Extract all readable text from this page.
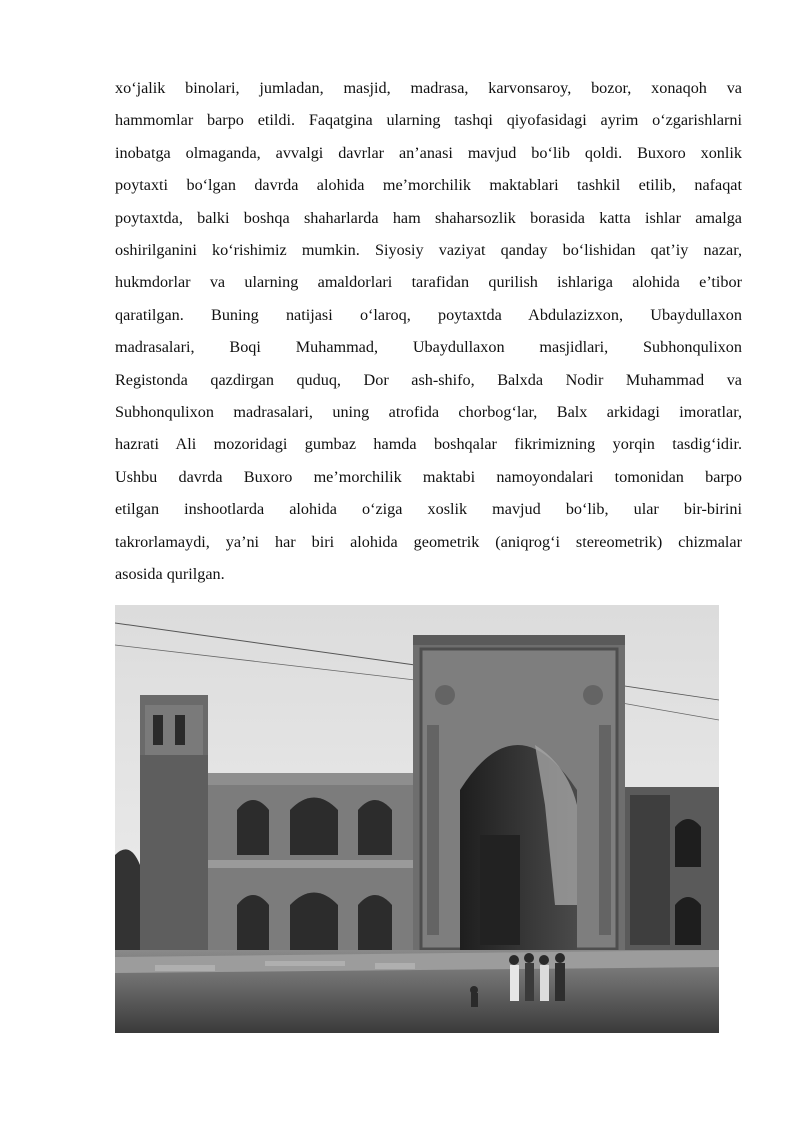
xo‘jalik binolari, jumladan, masjid, madrasa, karvonsaroy, bozor, xonaqoh va
hammomlar barpo etildi. Faqatgina ularning tashqi qiyofasidagi ayrim o‘zgarishlarni
inobatga olmaganda, avvalgi davrlar an’anasi mavjud bo‘lib qoldi. Buxoro xonlik
poytaxti bo‘lgan davrda alohida me’morchilik maktablari tashkil etilib, nafaqat
poytaxtda, balki boshqa shaharlarda ham shaharsozlik borasida katta ishlar amalga
oshirilganini ko‘rishimiz mumkin. Siyosiy vaziyat qanday bo‘lishidan qat’iy nazar,
hukmdorlar va ularning amaldorlari tarafidan qurilish ishlariga alohida e’tibor
qaratilgan. Buning natijasi o‘laroq, poytaxtda Abdulazizxon, Ubaydullaxon
madrasalari, Boqi Muhammad, Ubaydullaxon masjidlari, Subhonqulixon
Registonda qazdirgan quduq, Dor ash-shifo, Balxda Nodir Muhammad va
Subhonqulixon madrasalari, uning atrofida chorbog‘lar, Balx arkidagi imoratlar,
hazrati Ali mozoridagi gumbaz hamda boshqalar fikrimizning yorqin tasdig‘idir.
Ushbu davrda Buxoro me’morchilik maktabi namoyondalari tomonidan barpo
etilgan inshootlarda alohida o‘ziga xoslik mavjud bo‘lib, ular bir-birini
takrorlamaydi, ya’ni har biri alohida geometrik (aniqrog‘i stereometrik) chizmalar
asosida qurilgan.
